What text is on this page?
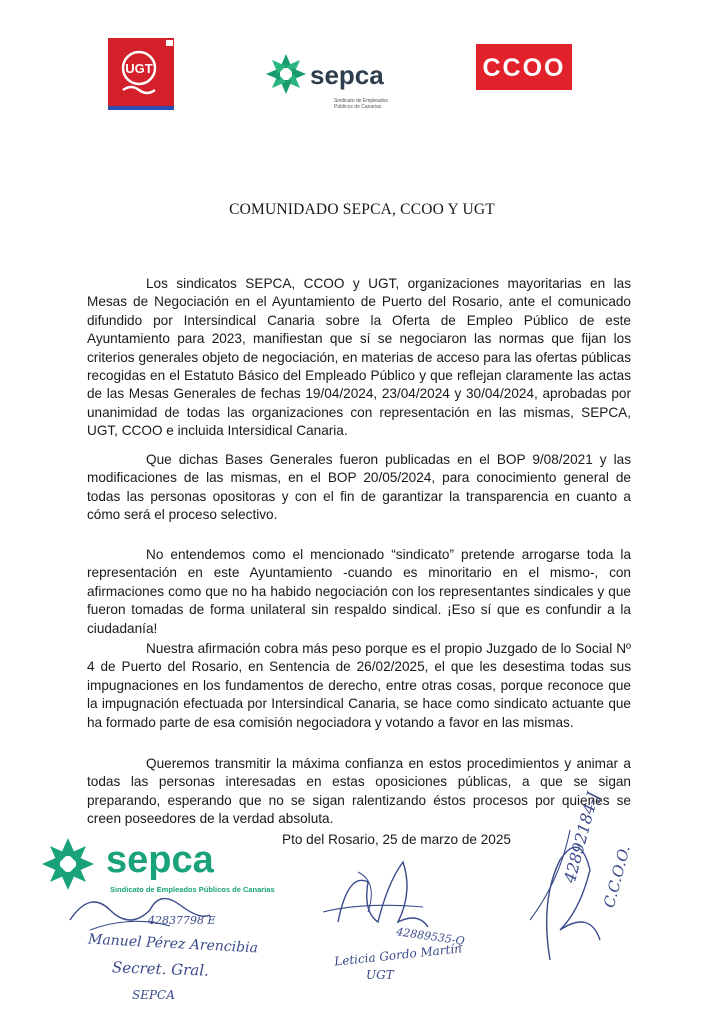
UGT	sepca
Sindicato de Empleados
Públicos de Canarias
CCOO
COMUNIDADO SEPCA, CCOO Y UGT

Los sindicatos SEPCA, CCOO y UGT, organizaciones mayoritarias en las Mesas de Negociación en el Ayuntamiento de Puerto del Rosario, ante el comunicado difundido por Intersindical Canaria sobre la Oferta de Empleo Público de este Ayuntamiento para 2023, manifiestan que sí se negociaron las normas que fijan los criterios generales objeto de negociación, en materias de acceso para las ofertas públicas recogidas en el Estatuto Básico del Empleado Público y que reflejan claramente las actas de las Mesas Generales de fechas 19/04/2024, 23/04/2024 y 30/04/2024, aprobadas por unanimidad de todas las organizaciones con representación en las mismas, SEPCA, UGT, CCOO e incluida Intersidical Canaria.

Que dichas Bases Generales fueron publicadas en el BOP 9/08/2021 y las modificaciones de las mismas, en el BOP 20/05/2024, para conocimiento general de todas las personas opositoras y con el fin de garantizar la transparencia en cuanto a cómo será el proceso selectivo.

No entendemos como el mencionado “sindicato” pretende arrogarse toda la representación en este Ayuntamiento -cuando es minoritario en el mismo-, con afirmaciones como que no ha habido negociación con los representantes sindicales y que fueron tomadas de forma unilateral sin respaldo sindical. ¡Eso sí que es confundir a la ciudadanía!

Nuestra afirmación cobra más peso porque es el propio Juzgado de lo Social Nº 4 de Puerto del Rosario, en Sentencia de 26/02/2025, el que les desestima todas sus impugnaciones en los fundamentos de derecho, entre otras cosas, porque reconoce que la impugnación efectuada por Intersindical Canaria, se hace como sindicato actuante que ha formado parte de esa comisión negociadora y votando a favor en las mismas.

Queremos transmitir la máxima confianza en estos procedimientos y animar a todas las personas interesadas en estas oposiciones públicas, a que se sigan preparando, esperando que no se sigan ralentizando éstos procesos por quienes se creen poseedores de la verdad absoluta.

Pto del Rosario, 25 de marzo de 2025
sepca
Sindicato de Empleados Públicos de Canarias
42837798 E
Manuel Pérez Arencibia
Secret. Gral.
SEPCA
42889535-Q
Leticia Gordo Martín
UGT
42892184-J
C.C.O.O.
